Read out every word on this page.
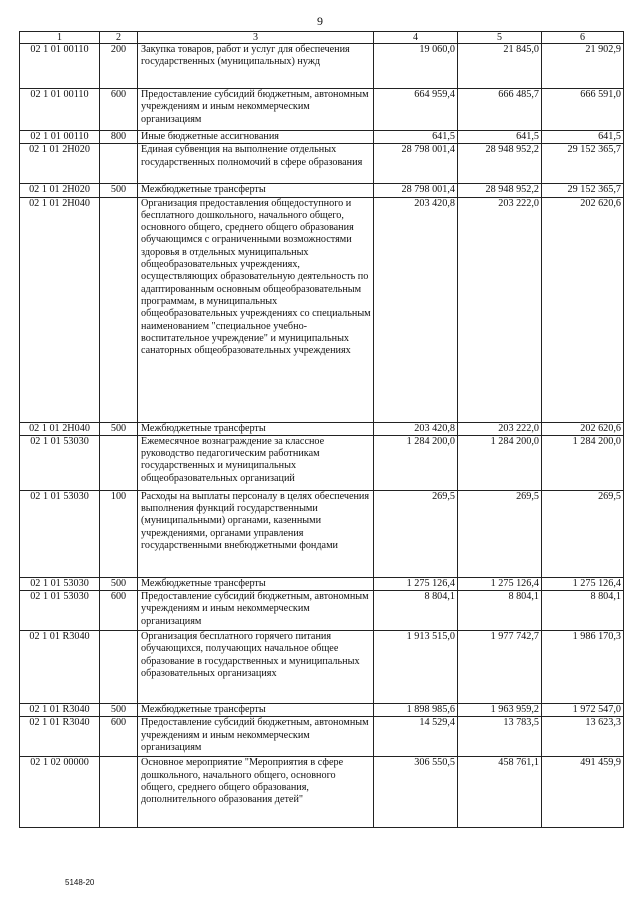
9
1	2	3	4	5	6
02 1 01 00110	200	Закупка товаров, работ и услуг для обеспечения государственных (муниципальных) нужд	19 060,0	21 845,0	21 902,9
02 1 01 00110	600	Предоставление субсидий бюджетным, автономным учреждениям и иным некоммерческим организациям	664 959,4	666 485,7	666 591,0
02 1 01 00110	800	Иные бюджетные ассигнования	641,5	641,5	641,5
02 1 01 2Н020		Единая субвенция на выполнение отдельных государственных полномочий в сфере образования	28 798 001,4	28 948 952,2	29 152 365,7
02 1 01 2Н020	500	Межбюджетные трансферты	28 798 001,4	28 948 952,2	29 152 365,7
02 1 01 2Н040		Организация предоставления общедоступного и бесплатного дошкольного, начального общего, основного общего, среднего общего образования обучающимся с ограниченными возможностями здоровья в отдельных муниципальных общеобразовательных учреждениях, осуществляющих образовательную деятельность по адаптированным основным общеобразовательным программам, в муниципальных общеобразовательных учреждениях со специальным наименованием "специальное учебно-воспитательное учреждение" и муниципальных санаторных общеобразовательных учреждениях	203 420,8	203 222,0	202 620,6
02 1 01 2Н040	500	Межбюджетные трансферты	203 420,8	203 222,0	202 620,6
02 1 01 53030		Ежемесячное вознаграждение за классное руководство педагогическим работникам государственных и муниципальных общеобразовательных организаций	1 284 200,0	1 284 200,0	1 284 200,0
02 1 01 53030	100	Расходы на выплаты персоналу в целях обеспечения выполнения функций государственными (муниципальными) органами, казенными учреждениями, органами управления государственными внебюджетными фондами	269,5	269,5	269,5
02 1 01 53030	500	Межбюджетные трансферты	1 275 126,4	1 275 126,4	1 275 126,4
02 1 01 53030	600	Предоставление субсидий бюджетным, автономным учреждениям и иным некоммерческим организациям	8 804,1	8 804,1	8 804,1
02 1 01 R3040		Организация бесплатного горячего питания обучающихся, получающих начальное общее образование в государственных и муниципальных образовательных организациях	1 913 515,0	1 977 742,7	1 986 170,3
02 1 01 R3040	500	Межбюджетные трансферты	1 898 985,6	1 963 959,2	1 972 547,0
02 1 01 R3040	600	Предоставление субсидий бюджетным, автономным учреждениям и иным некоммерческим организациям	14 529,4	13 783,5	13 623,3
02 1 02 00000		Основное мероприятие "Мероприятия в сфере дошкольного, начального общего, основного общего, среднего общего образования, дополнительного образования детей"	306 550,5	458 761,1	491 459,9
5148-20
